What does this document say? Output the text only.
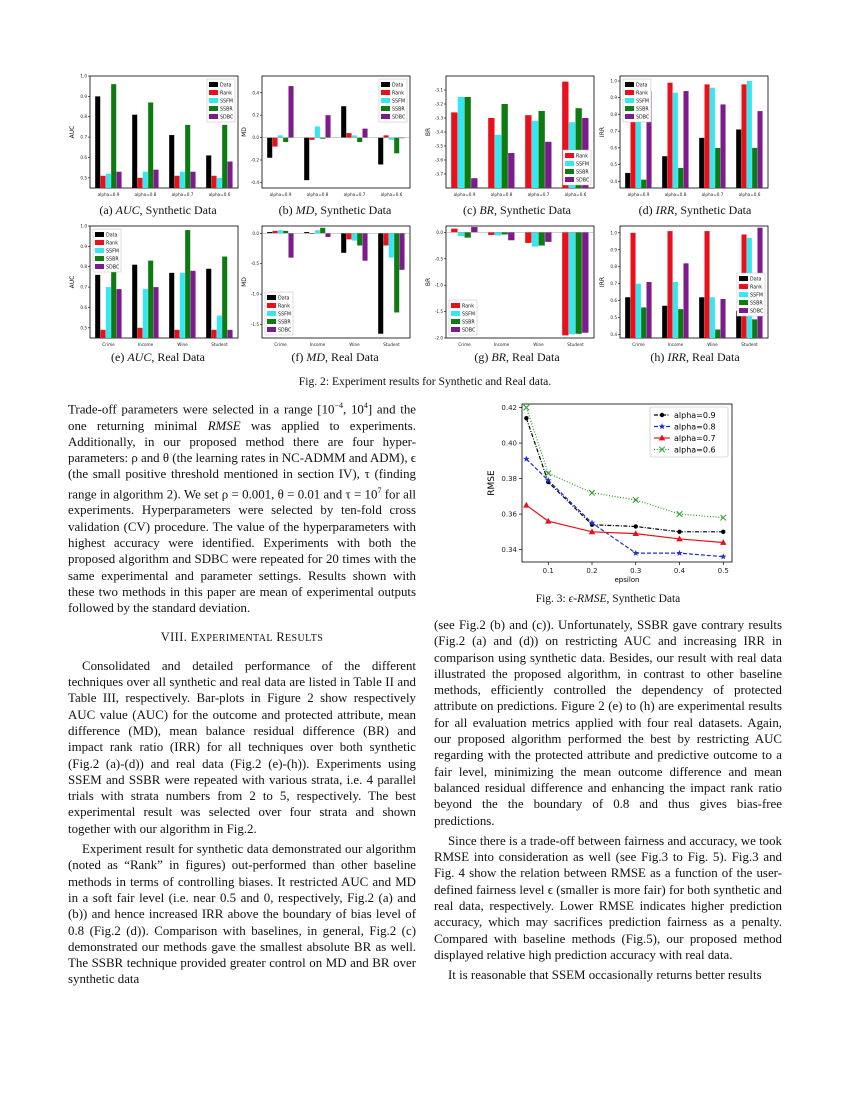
0.5
0.6
0.7
0.8
0.9
1.0
AUC
alpha=0.9	alpha=0.8	alpha=0.7	alpha=0.6
Data
Rank
SSFM
SSBR
SDBC
-0.4
-0.2
0.0
0.2
0.4
MD
alpha=0.9	alpha=0.8	alpha=0.7	alpha=0.6
Data
Rank
SSFM
SSBR
SDBC
-3.1
-3.2
-3.3
-3.4
-3.5
-3.6
-3.7
BR
alpha=0.9	alpha=0.8	alpha=0.7	alpha=0.6
Rank
SSFM
SSBR
SDBC	0.4
0.5
0.6
0.7
0.8
0.9
1.0
IRR
alpha=0.9	alpha=0.8	alpha=0.7	alpha=0.6
Data
Rank
SSFM
SSBR
SDBC
(a) AUC, Synthetic Data	(b) MD, Synthetic Data	(c) BR, Synthetic Data	(d) IRR, Synthetic Data
0.5
0.6
0.7
0.8
0.9
1.0
AUC
Crime	Income	Wine	Student
Data
Rank
SSFM
SSBR
SDBC
0.0
-0.5
-1.0
-1.5
MD
Crime	Income	Wine	Student
Data
Rank
SSFM
SSBR
SDBC
0.0
-0.5
-1.0
-1.5
-2.0
BR
Crime	Income	Wine	Student
Rank
SSFM
SSBR
SDBC
0.4
0.5
0.6
0.7
0.8
0.9
1.0
IRR
Crime	Income	Wine	Student
Data
Rank
SSFM
SSBR
SDBC
(e) AUC, Real Data	(f) MD, Real Data	(g) BR, Real Data	(h) IRR, Real Data
Fig. 2: Experiment results for Synthetic and Real data.

Trade-off parameters were selected in a range [$10^{-4}$, $10^4$] and the one returning minimal RMSE was applied to experiments. Additionally, in our proposed method there are four hyper-parameters: ρ and θ (the learning rates in NC-ADMM and ADM), ϵ (the small positive threshold mentioned in section IV), τ (finding range in algorithm 2). We set ρ = 0.001, θ = 0.01 and $\tau = 10^7$ for all experiments. Hyperparameters were selected by ten-fold cross validation (CV) procedure. The value of the hyperparameters with highest accuracy were identified. Experiments with both the proposed algorithm and SDBC were repeated for 20 times with the same experimental and parameter settings. Results shown with these two methods in this paper are mean of experimental outputs followed by the standard deviation.

VIII. EXPERIMENTAL RESULTS

Consolidated and detailed performance of the different techniques over all synthetic and real data are listed in Table II and Table III, respectively. Bar-plots in Figure 2 show respectively AUC value (AUC) for the outcome and protected attribute, mean difference (MD), mean balance residual difference (BR) and impact rank ratio (IRR) for all techniques over both synthetic (Fig.2 (a)-(d)) and real data (Fig.2 (e)-(h)). Experiments using SSEM and SSBR were repeated with various strata, i.e. 4 parallel trials with strata numbers from 2 to 5, respectively. The best experimental result was selected over four strata and shown together with our algorithm in Fig.2.

Experiment result for synthetic data demonstrated our algorithm (noted as “Rank” in figures) out-performed than other baseline methods in terms of controlling biases. It restricted AUC and MD in a soft fair level (i.e. near 0.5 and 0, respectively, Fig.2 (a) and (b)) and hence increased IRR above the boundary of bias level of 0.8 (Fig.2 (d)). Comparison with baselines, in general, Fig.2 (c) demonstrated our methods gave the smallest absolute BR as well. The SSBR technique provided greater control on MD and BR over synthetic data

0.34
0.36
0.38
0.40
0.42
0.1	0.2	0.3	0.4	0.5
epsilon
RMSE
alpha=0.9
alpha=0.8
alpha=0.7
alpha=0.6
Fig. 3: ϵ-RMSE, Synthetic Data

(see Fig.2 (b) and (c)). Unfortunately, SSBR gave contrary results (Fig.2 (a) and (d)) on restricting AUC and increasing IRR in comparison using synthetic data. Besides, our result with real data illustrated the proposed algorithm, in contrast to other baseline methods, efficiently controlled the dependency of protected attribute on predictions. Figure 2 (e) to (h) are experimental results for all evaluation metrics applied with four real datasets. Again, our proposed algorithm performed the best by restricting AUC regarding with the protected attribute and predictive outcome to a fair level, minimizing the mean outcome difference and mean balanced residual difference and enhancing the impact rank ratio beyond the the boundary of 0.8 and thus gives bias-free predictions.

Since there is a trade-off between fairness and accuracy, we took RMSE into consideration as well (see Fig.3 to Fig. 5). Fig.3 and Fig. 4 show the relation between RMSE as a function of the user-defined fairness level ϵ (smaller is more fair) for both synthetic and real data, respectively. Lower RMSE indicates higher prediction accuracy, which may sacrifices prediction fairness as a penalty. Compared with baseline methods (Fig.5), our proposed method displayed relative high prediction accuracy with real data.

It is reasonable that SSEM occasionally returns better results
